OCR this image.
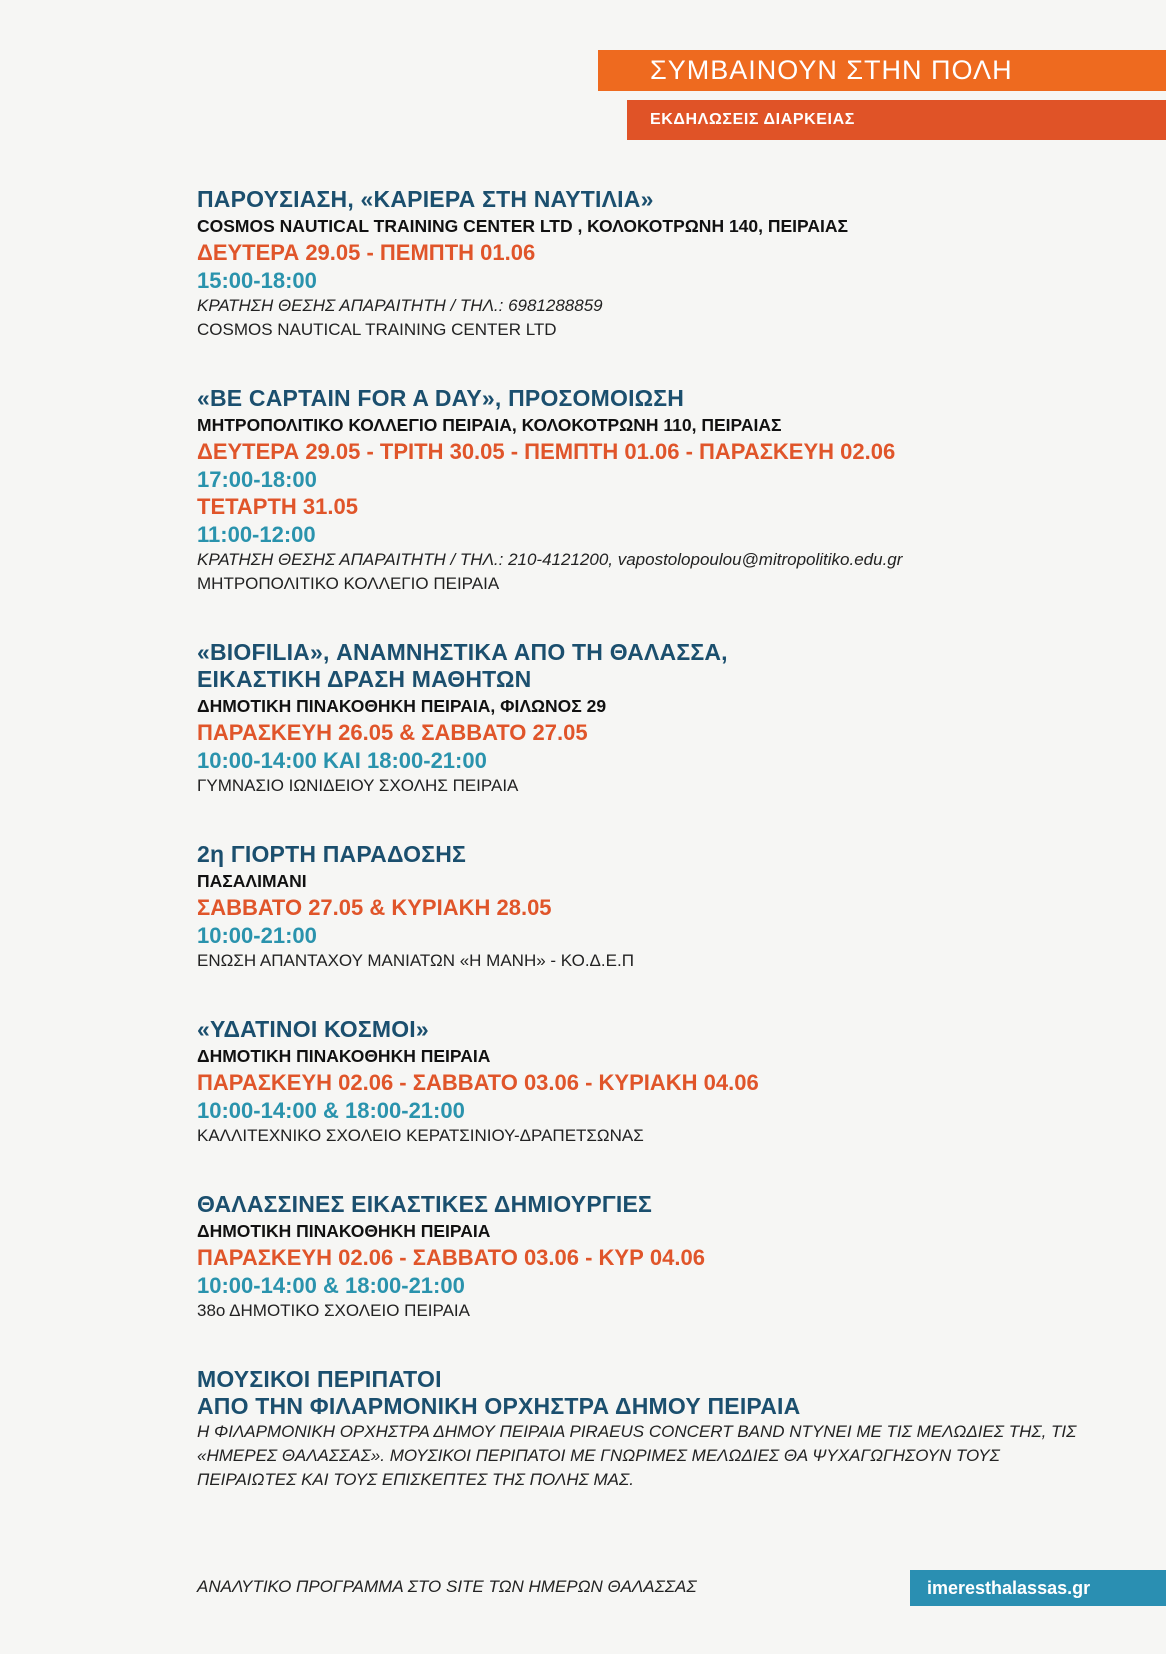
ΣΥΜΒΑΙΝΟΥΝ ΣΤΗΝ ΠΟΛΗ
ΕΚΔΗΛΩΣΕΙΣ ΔΙΑΡΚΕΙΑΣ
ΠΑΡΟΥΣΙΑΣΗ, «ΚΑΡΙΕΡΑ ΣΤΗ ΝΑΥΤΙΛΙΑ»
COSMOS NAUTICAL TRAINING CENTER LTD , ΚΟΛΟΚΟΤΡΩΝΗ 140, ΠΕΙΡΑΙΑΣ
ΔΕΥΤΕΡΑ 29.05 - ΠΕΜΠΤΗ 01.06
15:00-18:00
ΚΡΑΤΗΣΗ ΘΕΣΗΣ ΑΠΑΡΑΙΤΗΤΗ / ΤΗΛ.: 6981288859
COSMOS NAUTICAL TRAINING CENTER LTD
«BE CAPTAIN FOR A DAY», ΠΡΟΣΟΜΟΙΩΣΗ
ΜΗΤΡΟΠΟΛΙΤΙΚΟ ΚΟΛΛΕΓΙΟ ΠΕΙΡΑΙΑ, ΚΟΛΟΚΟΤΡΩΝΗ 110, ΠΕΙΡΑΙΑΣ
ΔΕΥΤΕΡΑ 29.05 - ΤΡΙΤΗ 30.05 - ΠΕΜΠΤΗ 01.06 - ΠΑΡΑΣΚΕΥΗ 02.06
17:00-18:00
ΤΕΤΑΡΤΗ 31.05
11:00-12:00
ΚΡΑΤΗΣΗ ΘΕΣΗΣ ΑΠΑΡΑΙΤΗΤΗ / ΤΗΛ.: 210-4121200, vapostolopoulou@mitropolitiko.edu.gr
ΜΗΤΡΟΠΟΛΙΤΙΚΟ ΚΟΛΛΕΓΙΟ ΠΕΙΡΑΙΑ
«BIOFILIA», ΑΝΑΜΝΗΣΤΙΚΑ ΑΠΟ ΤΗ ΘΑΛΑΣΣΑ,
ΕΙΚΑΣΤΙΚΗ ΔΡΑΣΗ ΜΑΘΗΤΩΝ
ΔΗΜΟΤΙΚΗ ΠΙΝΑΚΟΘΗΚΗ ΠΕΙΡΑΙΑ, ΦΙΛΩΝΟΣ 29
ΠΑΡΑΣΚΕΥΗ 26.05 & ΣΑΒΒΑΤΟ 27.05
10:00-14:00 ΚΑΙ 18:00-21:00
ΓΥΜΝΑΣΙΟ ΙΩΝΙΔΕΙΟΥ ΣΧΟΛΗΣ ΠΕΙΡΑΙΑ
2η ΓΙΟΡΤΗ ΠΑΡΑΔΟΣΗΣ
ΠΑΣΑΛΙΜΑΝΙ
ΣΑΒΒΑΤΟ 27.05 & ΚΥΡΙΑΚΗ 28.05
10:00-21:00
ΕΝΩΣΗ ΑΠΑΝΤΑΧΟΥ ΜΑΝΙΑΤΩΝ «Η ΜΑΝΗ» - ΚΟ.Δ.Ε.Π
«ΥΔΑΤΙΝΟΙ ΚΟΣΜΟΙ»
ΔΗΜΟΤΙΚΗ ΠΙΝΑΚΟΘΗΚΗ ΠΕΙΡΑΙΑ
ΠΑΡΑΣΚΕΥΗ 02.06 - ΣΑΒΒΑΤΟ 03.06 - ΚΥΡΙΑΚΗ 04.06
10:00-14:00 & 18:00-21:00
ΚΑΛΛΙΤΕΧΝΙΚΟ ΣΧΟΛΕΙΟ ΚΕΡΑΤΣΙΝΙΟΥ-ΔΡΑΠΕΤΣΩΝΑΣ
ΘΑΛΑΣΣΙΝΕΣ ΕΙΚΑΣΤΙΚΕΣ ΔΗΜΙΟΥΡΓΙΕΣ
ΔΗΜΟΤΙΚΗ ΠΙΝΑΚΟΘΗΚΗ ΠΕΙΡΑΙΑ
ΠΑΡΑΣΚΕΥΗ 02.06 - ΣΑΒΒΑΤΟ 03.06 - ΚΥΡ 04.06
10:00-14:00 & 18:00-21:00
38ο ΔΗΜΟΤΙΚΟ ΣΧΟΛΕΙΟ ΠΕΙΡΑΙΑ
ΜΟΥΣΙΚΟΙ ΠΕΡΙΠΑΤΟΙ
ΑΠΟ ΤΗΝ ΦΙΛΑΡΜΟΝΙΚΗ ΟΡΧΗΣΤΡΑ ΔΗΜΟΥ ΠΕΙΡΑΙΑ
Η ΦΙΛΑΡΜΟΝΙΚΗ ΟΡΧΗΣΤΡΑ ΔΗΜΟΥ ΠΕΙΡΑΙΑ PIRAEUS CONCERT BAND ΝΤΥΝΕΙ ΜΕ ΤΙΣ ΜΕΛΩΔΙΕΣ ΤΗΣ, ΤΙΣ «ΗΜΕΡΕΣ ΘΑΛΑΣΣΑΣ». ΜΟΥΣΙΚΟΙ ΠΕΡΙΠΑΤΟΙ ΜΕ ΓΝΩΡΙΜΕΣ ΜΕΛΩΔΙΕΣ ΘΑ ΨΥΧΑΓΩΓΗΣΟΥΝ ΤΟΥΣ ΠΕΙΡΑΙΩΤΕΣ ΚΑΙ ΤΟΥΣ ΕΠΙΣΚΕΠΤΕΣ ΤΗΣ ΠΟΛΗΣ ΜΑΣ.
ΑΝΑΛΥΤΙΚΟ ΠΡΟΓΡΑΜΜΑ ΣΤΟ SITE ΤΩΝ ΗΜΕΡΩΝ ΘΑΛΑΣΣΑΣ	imeresthalassas.gr
